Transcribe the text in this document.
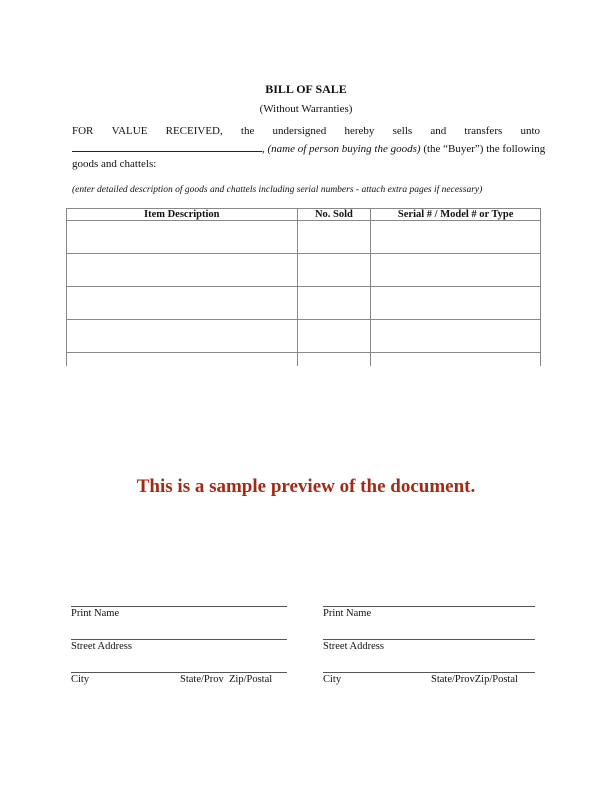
BILL OF SALE
(Without Warranties)
FOR VALUE RECEIVED, the undersigned hereby sells and transfers unto
, (name of person buying the goods) (the “Buyer”) the following
goods and chattels:
(enter detailed description of goods and chattels including serial numbers - attach extra pages if necessary)
Item Description	No. Sold	Serial # / Model # or Type

This is a sample preview of the document.
Print Name
Street Address
City	State/Prov  Zip/Postal
Print Name
Street Address
City	State/ProvZip/Postal
